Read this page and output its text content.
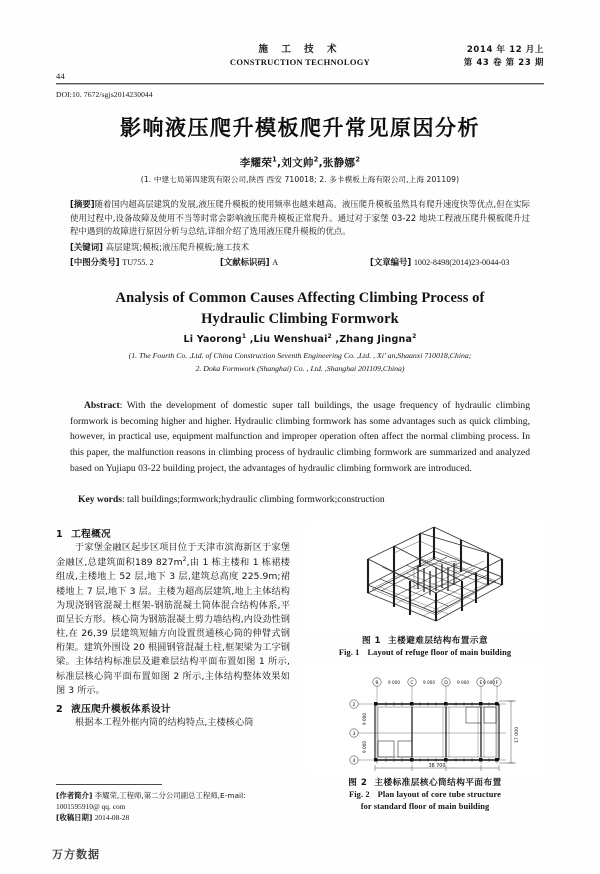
44
施 工 技 术
CONSTRUCTION TECHNOLOGY
2014 年 12 月上
第 43 卷 第 23 期
DOI:10. 7672/sgjs2014230044
影响液压爬升模板爬升常见原因分析
李耀荣$^1$,刘文帅$^2$,张静娜$^2$
(1. 中建七局第四建筑有限公司,陕西 西安 710018; 2. 多卡模板上海有限公司,上海 201109)
[摘要]随着国内超高层建筑的发展,液压爬升模板的使用频率也越来越高。液压爬升模板虽然具有爬升速度快等优点,但在实际使用过程中,设备故障及使用不当等时常会影响液压爬升模板正常爬升。通过对于家堡 03-22 地块工程液压爬升模板爬升过程中遇到的故障进行原因分析与总结,详细介绍了选用液压爬升模板的优点。
[关键词] 高层建筑;模板;液压爬升模板;施工技术
[中图分类号] TU755. 2	[文献标识码] A	[文章编号] 1002-8498(2014)23-0044-03
Analysis of Common Causes Affecting Climbing Process of
Hydraulic Climbing Formwork
Li Yaorong$^1$ ,Liu Wenshuai$^2$ ,Zhang Jingna$^2$
(1. The Fourth Co. ,Ltd. of China Construction Seventh Engineering Co. ,Ltd. , Xi' an,Shaanxi 710018,China;
2. Doka Formwork (Shanghai) Co. , Ltd. ,Shanghai 201109,China)
Abstract: With the development of domestic super tall buildings, the usage frequency of hydraulic climbing formwork is becoming higher and higher. Hydraulic climbing formwork has some advantages such as quick climbing, however, in practical use, equipment malfunction and improper operation often affect the normal climbing process. In this paper, the malfunction reasons in climbing process of hydraulic climbing formwork are summarized and analyzed based on Yujiapu 03-22 building project, the advantages of hydraulic climbing formwork are introduced.
Key words: tall buildings;formwork;hydraulic climbing formwork;construction
1 工程概况
于家堡金融区起步区项目位于天津市滨海新区于家堡金融区,总建筑面积189 $827m^2$,由 1 栋主楼和 1 栋裙楼组成,主楼地上 52 层,地下 3 层,建筑总高度 225.9m;裙楼地上 7 层,地下 3 层。主楼为超高层建筑,地上主体结构为现浇钢管混凝土框架-钢筋混凝土筒体混合结构体系,平面呈长方形。核心筒为钢筋混凝土剪力墙结构,内设劲性钢柱,在 26,39 层建筑短轴方向设置贯通核心筒的伸臂式钢桁架。建筑外围设 20 根圆钢管混凝土柱,框架梁为工字钢梁。主体结构标准层及避难层结构平面布置如图 1 所示,标准层核心筒平面布置如图 2 所示,主体结构整体效果如图 3 所示。
2 液压爬升模板体系设计
根据本工程外框内筒的结构特点,主楼核心筒
图 1 主楼避难层结构布置示意
Fig. 1 Layout of refuge floor of main building
B	C	D	E	F
9 000	9 000	9 000	9 000
2
3
4
9 000
9 000
17 000
38 700
图 2 主楼标准层核心筒结构平面布置
Fig. 2 Plan layout of core tube structure
for standard floor of main building
[作者简介] 李耀荣,工程师,第二分公司副总工程师,E-mail:
1001595910@ qq. com
[收稿日期] 2014-08-28
万方数据
